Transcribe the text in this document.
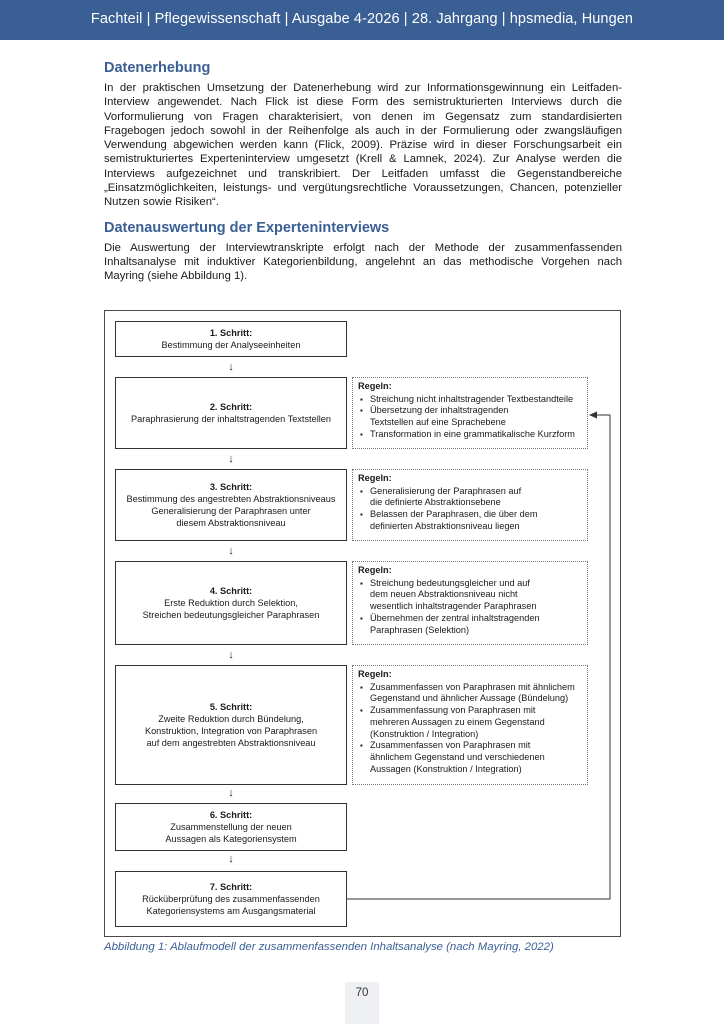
Fachteil | Pflegewissenschaft | Ausgabe 4-2026 | 28. Jahrgang | hpsmedia, Hungen
Datenerhebung

In der praktischen Umsetzung der Datenerhebung wird zur Informationsgewinnung ein Leitfaden-Interview angewendet. Nach Flick ist diese Form des semistrukturierten Interviews durch die Vorformulierung von Fragen charakterisiert, von denen im Gegensatz zum standardisierten Fragebogen jedoch sowohl in der Reihenfolge als auch in der Formulierung oder zwangsläufigen Verwendung abgewichen werden kann (Flick, 2009). Präzise wird in dieser Forschungsarbeit ein semistrukturiertes Experteninterview umgesetzt (Krell & Lamnek, 2024). Zur Analyse werden die Interviews aufgezeichnet und transkribiert. Der Leitfaden umfasst die Gegenstandbereiche „Einsatzmöglichkeiten, leistungs- und vergütungsrechtliche Voraussetzungen, Chancen, potenzieller Nutzen sowie Risiken“.

Datenauswertung der Experteninterviews

Die Auswertung der Interviewtranskripte erfolgt nach der Methode der zusammenfassenden Inhaltsanalyse mit induktiver Kategorienbildung, angelehnt an das methodische Vorgehen nach Mayring (siehe Abbildung 1).

1. Schritt:
Bestimmung der Analyseeinheiten
↓
2. Schritt:
Paraphrasierung der inhaltstragenden Textstellen
Regeln:
▪ Streichung nicht inhaltstragender Textbestandteile
▪ Übersetzung der inhaltstragenden
Textstellen auf eine Sprachebene
▪ Transformation in eine grammatikalische Kurzform
↓
3. Schritt:
Bestimmung des angestrebten Abstraktionsniveaus
Generalisierung der Paraphrasen unter
diesem Abstraktionsniveau
Regeln:
▪ Generalisierung der Paraphrasen auf
die definierte Abstraktionsebene
▪ Belassen der Paraphrasen, die über dem
definierten Abstraktionsniveau liegen
↓
4. Schritt:
Erste Reduktion durch Selektion,
Streichen bedeutungsgleicher Paraphrasen
Regeln:
▪ Streichung bedeutungsgleicher und auf
dem neuen Abstraktionsniveau nicht
wesentlich inhaltstragender Paraphrasen
▪ Übernehmen der zentral inhaltstragenden
Paraphrasen (Selektion)
↓
5. Schritt:
Zweite Reduktion durch Bündelung,
Konstruktion, Integration von Paraphrasen
auf dem angestrebten Abstraktionsniveau
Regeln:
▪ Zusammenfassen von Paraphrasen mit ähnlichem
Gegenstand und ähnlicher Aussage (Bündelung)
▪ Zusammenfassung von Paraphrasen mit
mehreren Aussagen zu einem Gegenstand
(Konstruktion / Integration)
▪ Zusammenfassen von Paraphrasen mit
ähnlichem Gegenstand und verschiedenen
Aussagen (Konstruktion / Integration)
↓
6. Schritt:
Zusammenstellung der neuen
Aussagen als Kategoriensystem
↓
7. Schritt:
Rücküberprüfung des zusammenfassenden
Kategoriensystems am Ausgangsmaterial
Abbildung 1: Ablaufmodell der zusammenfassenden Inhaltsanalyse (nach Mayring, 2022)
70
